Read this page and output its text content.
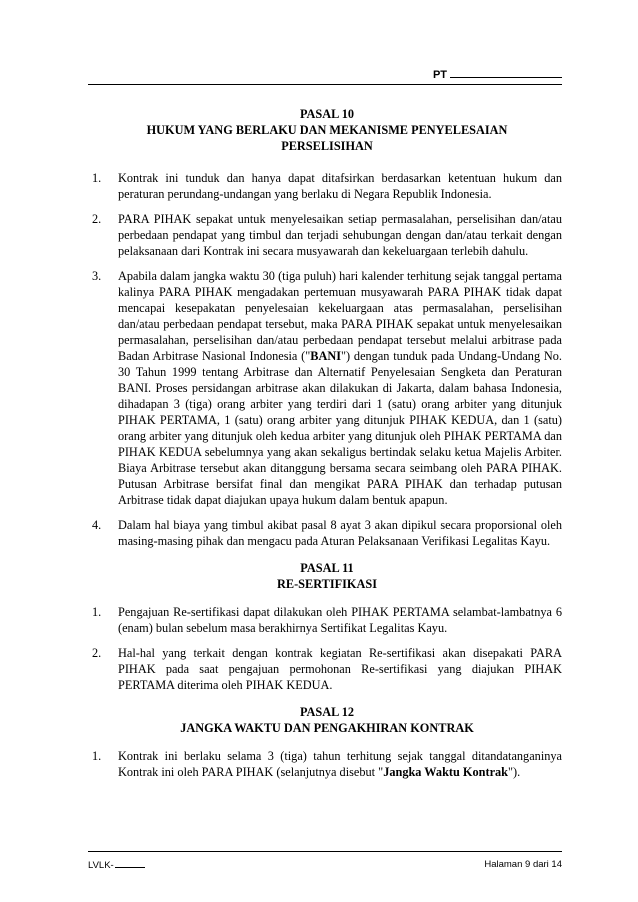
PT

PASAL 10

HUKUM YANG BERLAKU DAN MEKANISME PENYELESAIAN

PERSELISIHAN

1.	Kontrak ini tunduk dan hanya dapat ditafsirkan berdasarkan ketentuan hukum dan peraturan perundang-undangan yang berlaku di Negara Republik Indonesia.
2.	PARA PIHAK sepakat untuk menyelesaikan setiap permasalahan, perselisihan dan/atau perbedaan pendapat yang timbul dan terjadi sehubungan dengan dan/atau terkait dengan pelaksanaan dari Kontrak ini secara musyawarah dan kekeluargaan terlebih dahulu.
3.	Apabila dalam jangka waktu 30 (tiga puluh) hari kalender terhitung sejak tanggal pertama kalinya PARA PIHAK mengadakan pertemuan musyawarah PARA PIHAK tidak dapat mencapai kesepakatan penyelesaian kekeluargaan atas permasalahan, perselisihan dan/atau perbedaan pendapat tersebut, maka PARA PIHAK sepakat untuk menyelesaikan permasalahan, perselisihan dan/atau perbedaan pendapat tersebut melalui arbitrase pada Badan Arbitrase Nasional Indonesia ("BANI") dengan tunduk pada Undang-Undang No. 30 Tahun 1999 tentang Arbitrase dan Alternatif Penyelesaian Sengketa dan Peraturan BANI. Proses persidangan arbitrase akan dilakukan di Jakarta, dalam bahasa Indonesia, dihadapan 3 (tiga) orang arbiter yang terdiri dari 1 (satu) orang arbiter yang ditunjuk PIHAK PERTAMA, 1 (satu) orang arbiter yang ditunjuk PIHAK KEDUA, dan 1 (satu) orang arbiter yang ditunjuk oleh kedua arbiter yang ditunjuk oleh PIHAK PERTAMA dan PIHAK KEDUA sebelumnya yang akan sekaligus bertindak selaku ketua Majelis Arbiter. Biaya Arbitrase tersebut akan ditanggung bersama secara seimbang oleh PARA PIHAK. Putusan Arbitrase bersifat final dan mengikat PARA PIHAK dan terhadap putusan Arbitrase tidak dapat diajukan upaya hukum dalam bentuk apapun.
4.	Dalam hal biaya yang timbul akibat pasal 8 ayat 3 akan dipikul secara proporsional oleh masing-masing pihak dan mengacu pada Aturan Pelaksanaan Verifikasi Legalitas Kayu.

PASAL 11

RE-SERTIFIKASI

1.	Pengajuan Re-sertifikasi dapat dilakukan oleh PIHAK PERTAMA selambat-lambatnya 6 (enam) bulan sebelum masa berakhirnya Sertifikat Legalitas Kayu.
2.	Hal-hal yang terkait dengan kontrak kegiatan Re-sertifikasi akan disepakati PARA PIHAK pada saat pengajuan permohonan Re-sertifikasi yang diajukan PIHAK PERTAMA diterima oleh PIHAK KEDUA.

PASAL 12

JANGKA WAKTU DAN PENGAKHIRAN KONTRAK

1.	Kontrak ini berlaku selama 3 (tiga) tahun terhitung sejak tanggal ditandatanganinya Kontrak ini oleh PARA PIHAK (selanjutnya disebut "Jangka Waktu Kontrak").
LVLK-	Halaman 9 dari 14
